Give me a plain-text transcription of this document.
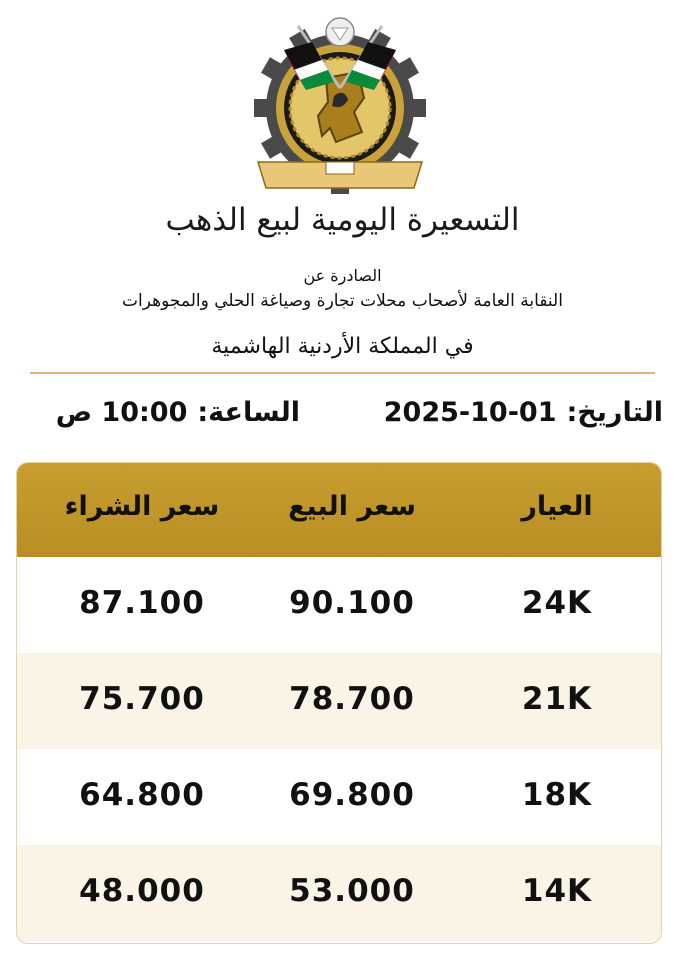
التسعيرة اليومية لبيع الذهب
الصادرة عن
النقابة العامة لأصحاب محلات تجارة وصياغة الحلي والمجوهرات
في المملكة الأردنية الهاشمية
التاريخ:01-10-2025
الساعة:10:00 ص
العيار
سعر البيع
سعر الشراء
24K
90.100
87.100
21K
78.700
75.700
18K
69.800
64.800
14K
53.000
48.000
